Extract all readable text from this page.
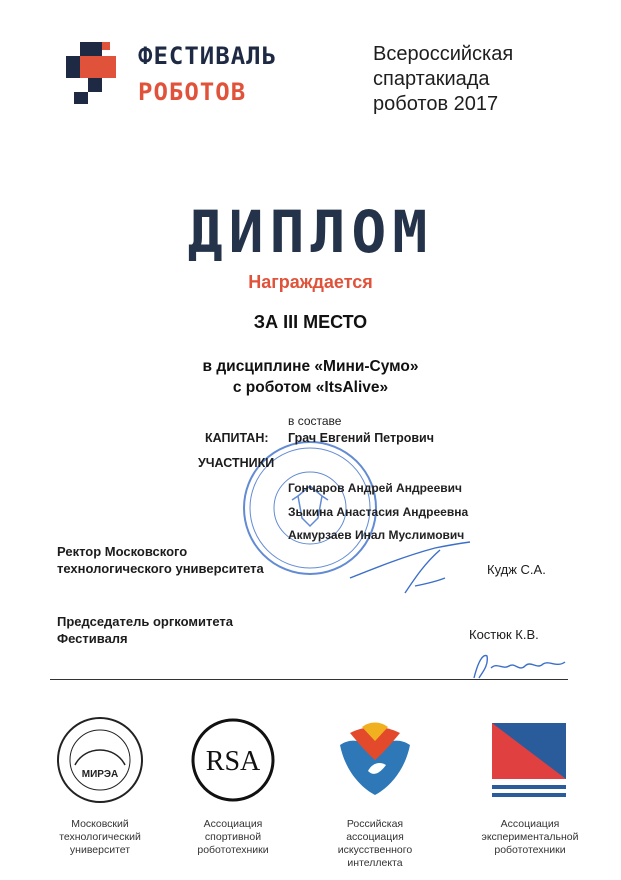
ФЕСТИВАЛЬ
РОБОТОВ
Всероссийская
спартакиада
роботов 2017
ДИПЛОМ
Награждается
ЗА III МЕСТО
в дисциплине «Мини-Сумо»
с роботом «ItsAlive»
в составе
КАПИТАН: Грач Евгений Петрович
УЧАСТНИКИ
Гончаров Андрей Андреевич
Зыкина Анастасия Андреевна
Акмурзаев Инал Муслимович
Ректор Московского
технологического университета	Кудж С.А.
Председатель оргкомитета
Фестиваля	Костюк К.В.
МИРЭА	RSA
Московский
технологический
университет
Ассоциация
спортивной
робототехники
Российская
ассоциация
искусственного
интеллекта
Ассоциация
экспериментальной
робототехники
